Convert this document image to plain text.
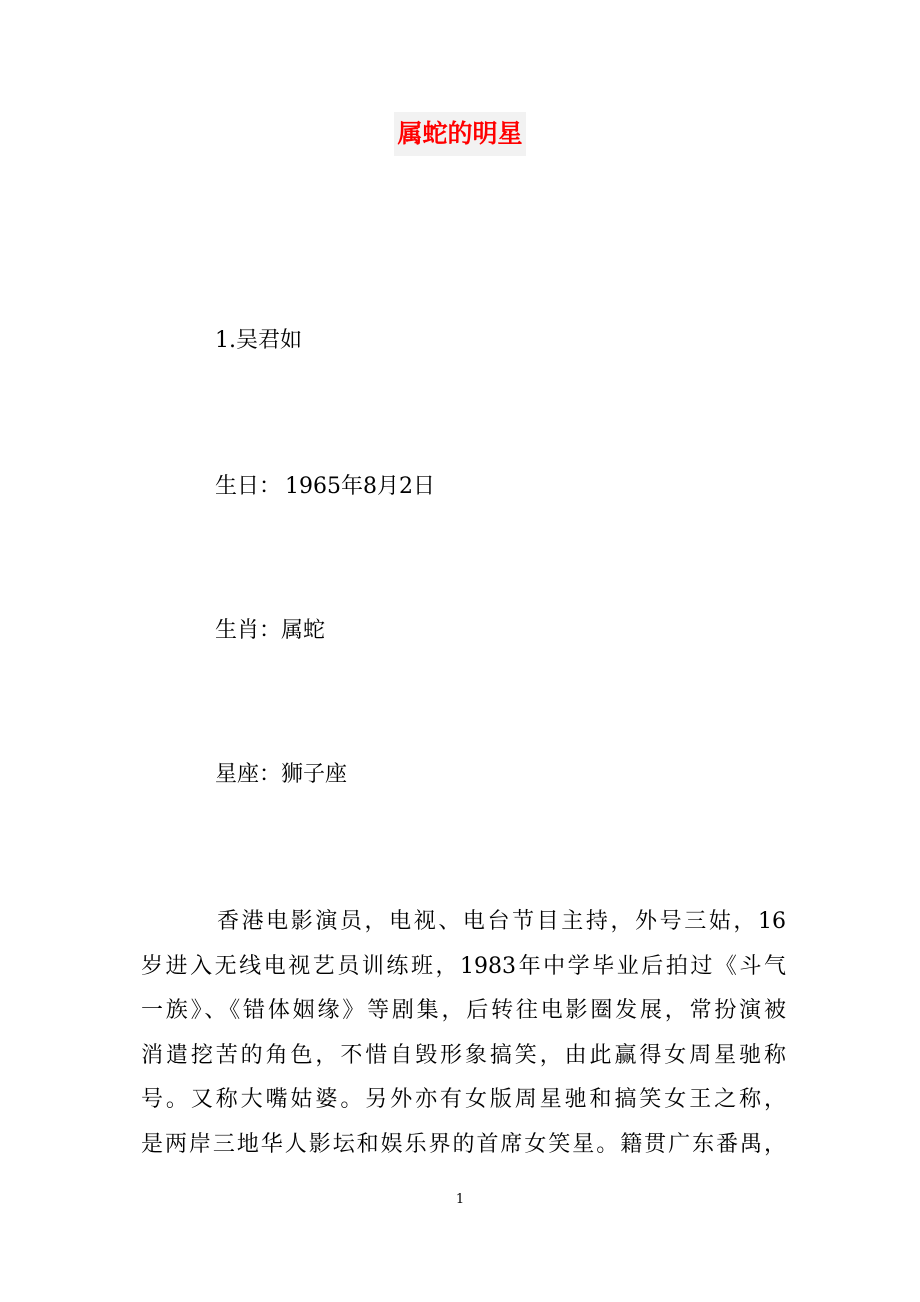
属蛇的明星
1.吴君如
生日： 1965年8月2日
生肖：属蛇
星座：狮子座
香港电影演员，电视、电台节目主持，外号三姑，16
岁进入无线电视艺员训练班，1983年中学毕业后拍过《斗气
一族》、《错体姻缘》等剧集，后转往电影圈发展，常扮演被
消遣挖苦的角色，不惜自毁形象搞笑，由此赢得女周星驰称
号。又称大嘴姑婆。另外亦有女版周星驰和搞笑女王之称，
是两岸三地华人影坛和娱乐界的首席女笑星。籍贯广东番禺，
1
